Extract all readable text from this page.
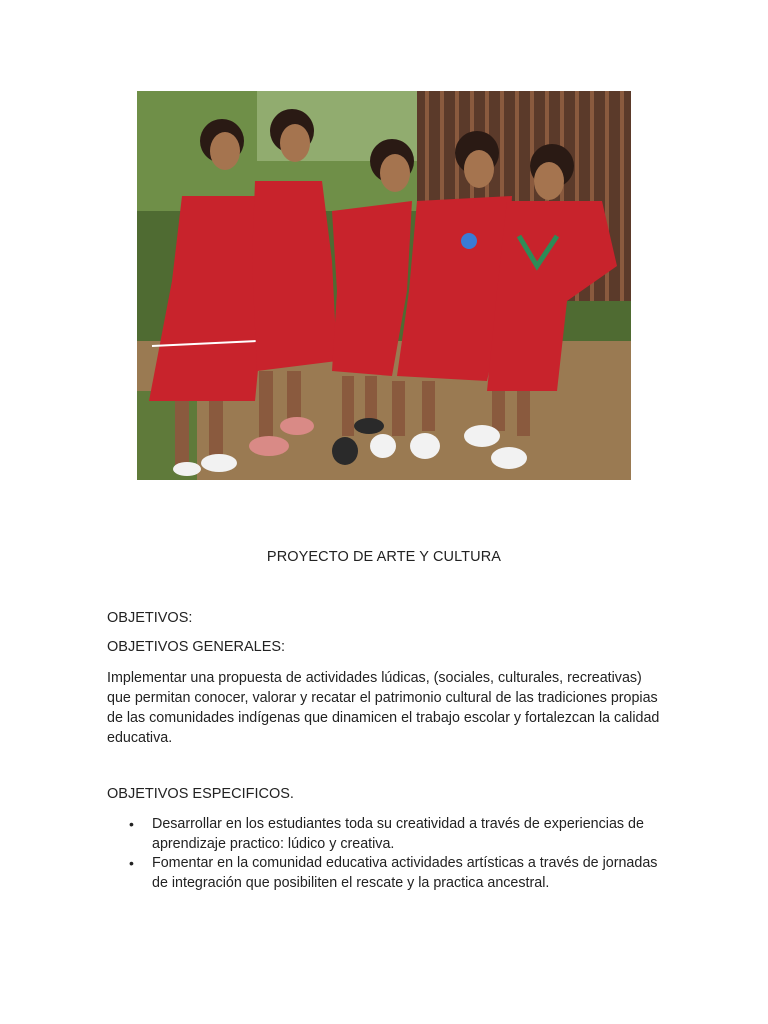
PROYECTO DE ARTE Y CULTURA
OBJETIVOS:
OBJETIVOS GENERALES:
Implementar una propuesta de actividades lúdicas, (sociales, culturales, recreativas) que permitan conocer, valorar y recatar el patrimonio cultural de las tradiciones propias de las comunidades indígenas que dinamicen el trabajo escolar y fortalezcan la calidad educativa.
OBJETIVOS ESPECIFICOS.
• Desarrollar en los estudiantes toda su creatividad a través de experiencias de aprendizaje practico: lúdico y creativa.
• Fomentar en la comunidad educativa actividades artísticas a través de jornadas de integración que posibiliten el rescate y la practica ancestral.
